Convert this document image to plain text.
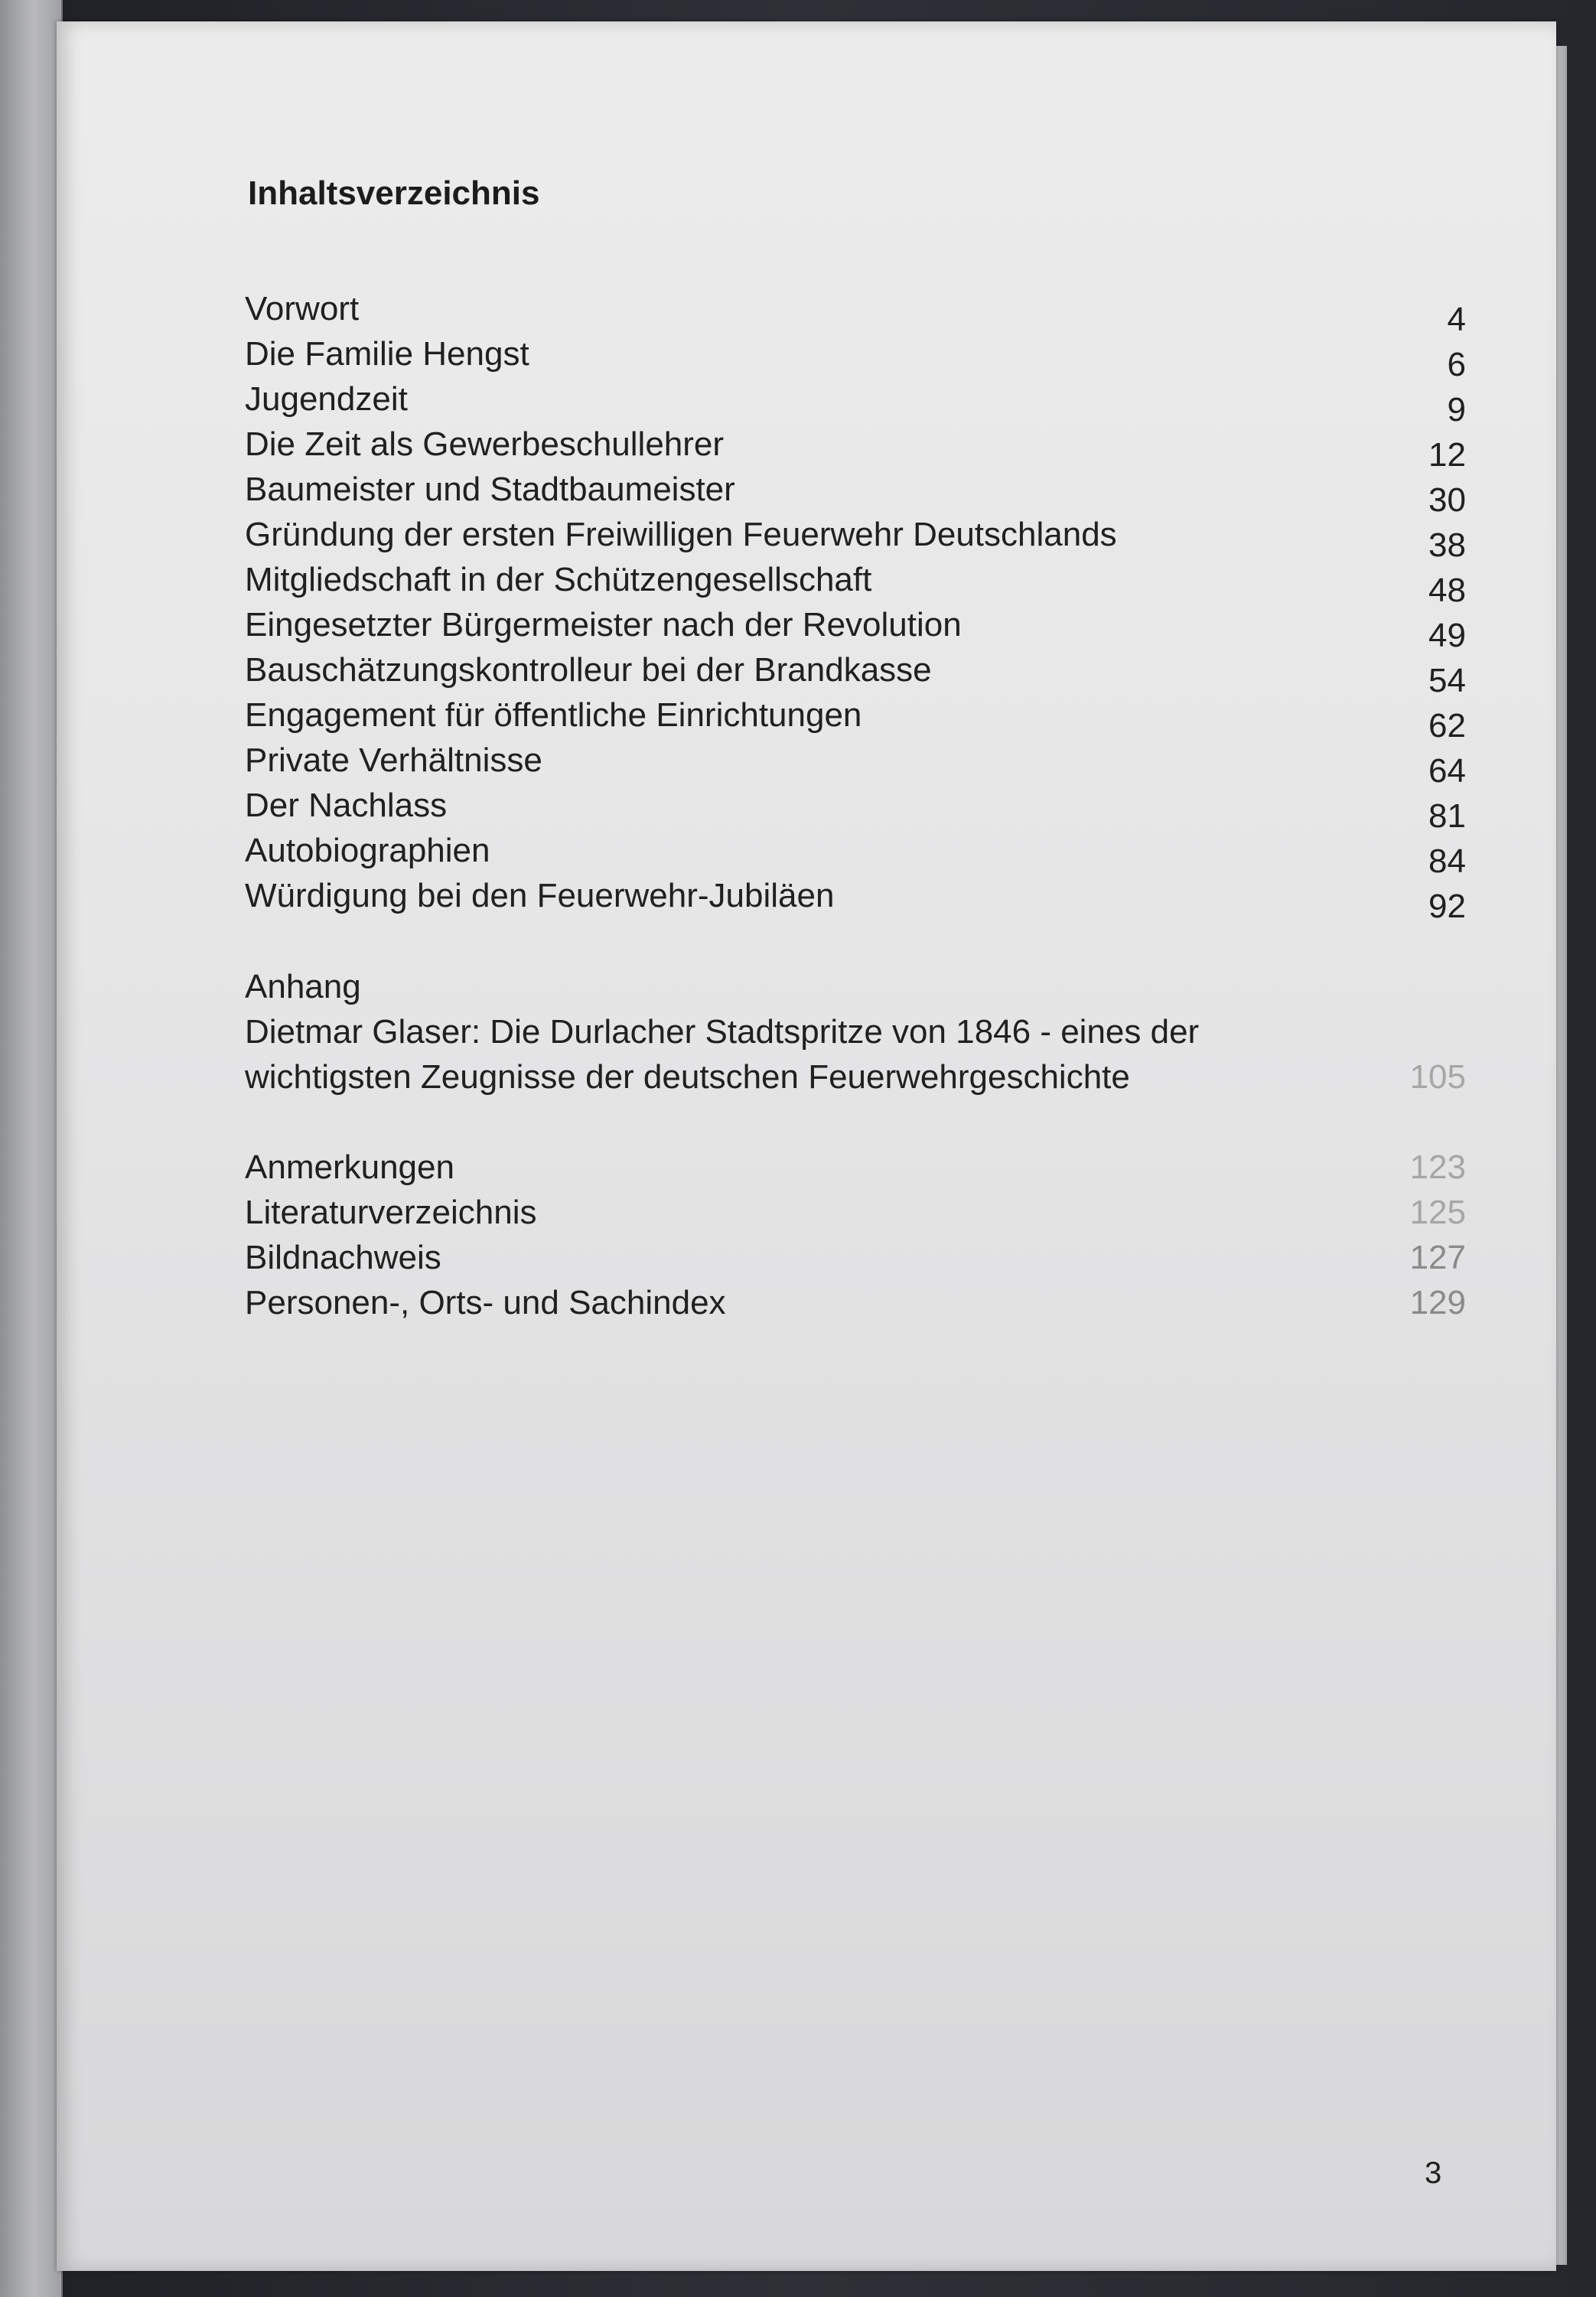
Inhaltsverzeichnis
Vorwort	4
Die Familie Hengst	6
Jugendzeit	9
Die Zeit als Gewerbeschullehrer	12
Baumeister und Stadtbaumeister	30
Gründung der ersten Freiwilligen Feuerwehr Deutschlands	38
Mitgliedschaft in der Schützengesellschaft	48
Eingesetzter Bürgermeister nach der Revolution	49
Bauschätzungskontrolleur bei der Brandkasse	54
Engagement für öffentliche Einrichtungen	62
Private Verhältnisse	64
Der Nachlass	81
Autobiographien	84
Würdigung bei den Feuerwehr-Jubiläen	92
Anhang
Dietmar Glaser: Die Durlacher Stadtspritze von 1846 - eines der
wichtigsten Zeugnisse der deutschen Feuerwehrgeschichte	105
Anmerkungen	123
Literaturverzeichnis	125
Bildnachweis	127
Personen-, Orts- und Sachindex	129
3
